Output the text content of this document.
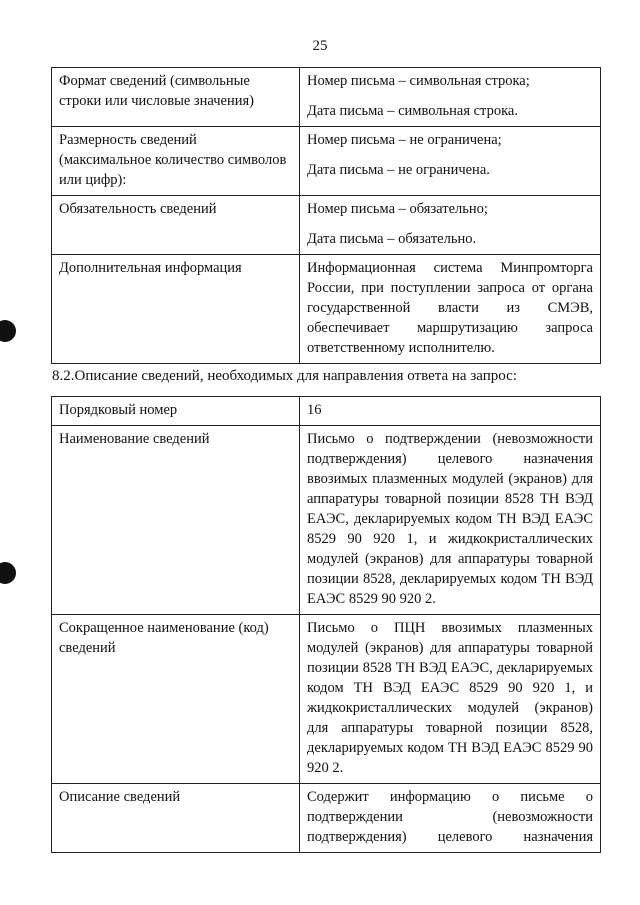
25
Формат сведений (символьные строки или числовые значения)	Номер письма – символьная строка;
Дата письма – символьная строка.

Размерность сведений (максимальное количество символов или цифр):	Номер письма – не ограничена;
Дата письма – не ограничена.

Обязательность сведений	Номер письма – обязательно;
Дата письма – обязательно.

Дополнительная информация	Информационная система Минпромторга России, при поступлении запроса от органа государственной власти из СМЭВ, обеспечивает маршрутизацию запроса ответственному исполнителю.
8.2.Описание сведений, необходимых для направления ответа на запрос:
Порядковый номер	16
Наименование сведений	Письмо о подтверждении (невозможности подтверждения) целевого назначения ввозимых плазменных модулей (экранов) для аппаратуры товарной позиции 8528 ТН ВЭД ЕАЭС, декларируемых кодом ТН ВЭД ЕАЭС 8529 90 920 1, и жидкокристаллических модулей (экранов) для аппаратуры товарной позиции 8528, декларируемых кодом ТН ВЭД ЕАЭС 8529 90 920 2.
Сокращенное наименование (код) сведений	Письмо о ПЦН ввозимых плазменных модулей (экранов) для аппаратуры товарной позиции 8528 ТН ВЭД ЕАЭС, декларируемых кодом ТН ВЭД ЕАЭС 8529 90 920 1, и жидкокристаллических модулей (экранов) для аппаратуры товарной позиции 8528, декларируемых кодом ТН ВЭД ЕАЭС 8529 90 920 2.
Описание сведений	Содержит информацию о письме о подтверждении (невозможности подтверждения) целевого назначения
